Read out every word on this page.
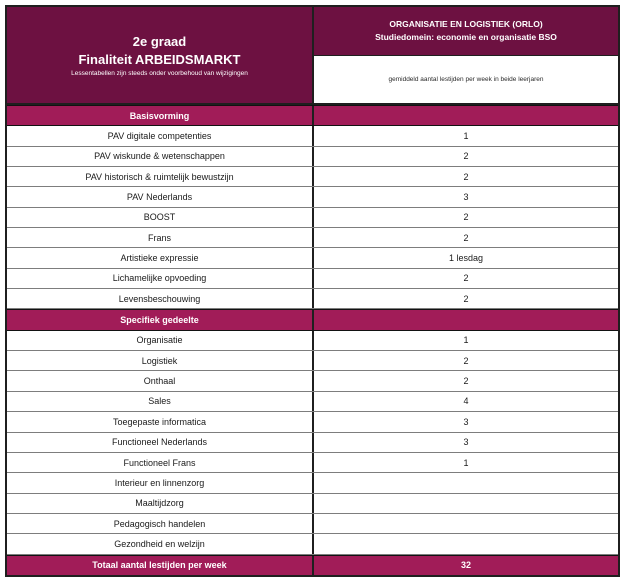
2e graad
Finaliteit ARBEIDSMARKT
Lessentabellen zijn steeds onder voorbehoud van wijzigingen
ORGANISATIE EN LOGISTIEK (ORLO)
Studiedomein: economie en organisatie BSO
gemiddeld aantal lestijden per week in beide leerjaren
Basisvorming
PAV digitale competenties	1
PAV wiskunde & wetenschappen	2
PAV historisch & ruimtelijk bewustzijn	2
PAV Nederlands	3
BOOST	2
Frans	2
Artistieke expressie	1 lesdag
Lichamelijke opvoeding	2
Levensbeschouwing	2
Specifiek gedeelte
Organisatie	1
Logistiek	2
Onthaal	2
Sales	4
Toegepaste informatica	3
Functioneel Nederlands	3
Functioneel Frans	1
Interieur en linnenzorg
Maaltijdzorg
Pedagogisch handelen
Gezondheid en welzijn
Totaal aantal lestijden per week	32
